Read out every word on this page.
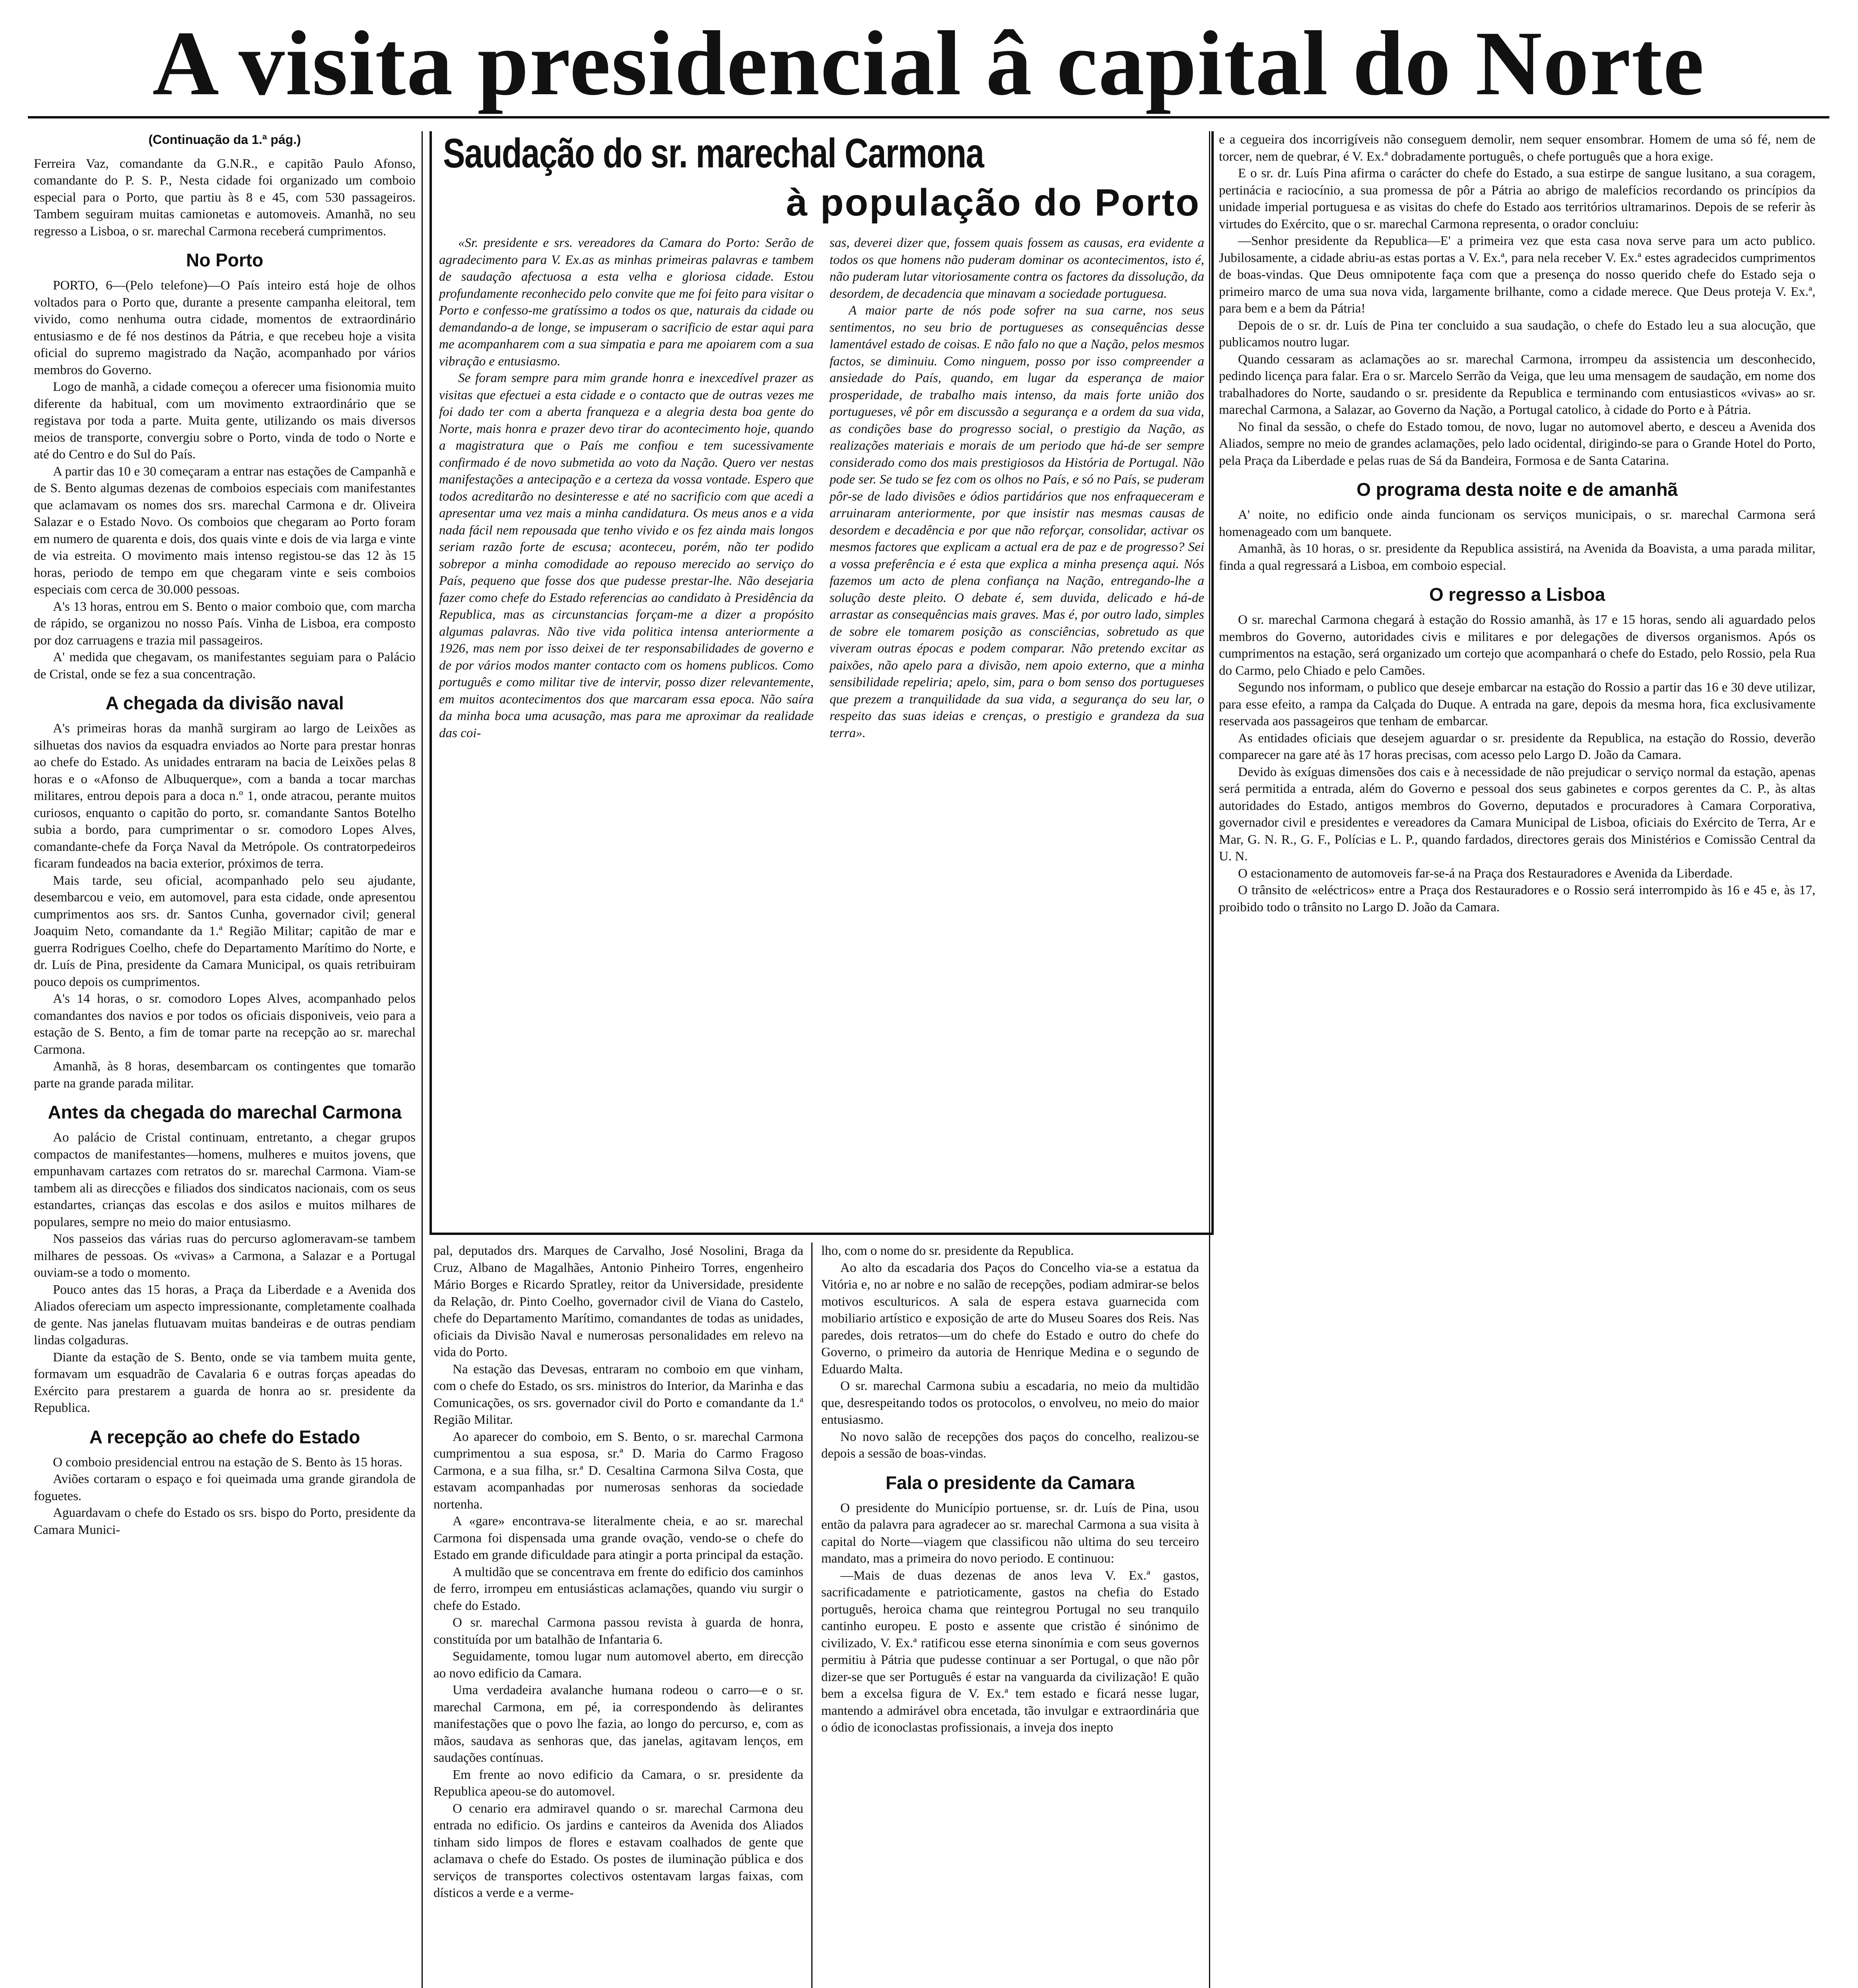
A visita presidencial â capital do Norte
(Continuação da 1.ª pág.)

Ferreira Vaz, comandante da G.N.R., e capitão Paulo Afonso, comandante do P. S. P., Nesta cidade foi organizado um comboio especial para o Porto, que partiu às 8 e 45, com 530 passageiros. Tambem seguiram muitas camionetas e automoveis. Amanhã, no seu regresso a Lisboa, o sr. marechal Carmona receberá cumprimentos.

No Porto

PORTO, 6—(Pelo telefone)—O País inteiro está hoje de olhos voltados para o Porto que, durante a presente campanha eleitoral, tem vivido, como nenhuma outra cidade, momentos de extraordinário entusiasmo e de fé nos destinos da Pátria, e que recebeu hoje a visita oficial do supremo magistrado da Nação, acompanhado por vários membros do Governo.

Logo de manhã, a cidade começou a oferecer uma fisionomia muito diferente da habitual, com um movimento extraordinário que se registava por toda a parte. Muita gente, utilizando os mais diversos meios de transporte, convergiu sobre o Porto, vinda de todo o Norte e até do Centro e do Sul do País.

A partir das 10 e 30 começaram a entrar nas estações de Campanhã e de S. Bento algumas dezenas de comboios especiais com manifestantes que aclamavam os nomes dos srs. marechal Carmona e dr. Oliveira Salazar e o Estado Novo. Os comboios que chegaram ao Porto foram em numero de quarenta e dois, dos quais vinte e dois de via larga e vinte de via estreita. O movimento mais intenso registou-se das 12 às 15 horas, periodo de tempo em que chegaram vinte e seis comboios especiais com cerca de 30.000 pessoas.

A's 13 horas, entrou em S. Bento o maior comboio que, com marcha de rápido, se organizou no nosso País. Vinha de Lisboa, era composto por doz carruagens e trazia mil passageiros.

A' medida que chegavam, os manifestantes seguiam para o Palácio de Cristal, onde se fez a sua concentração.

A chegada da divisão naval

A's primeiras horas da manhã surgiram ao largo de Leixões as silhuetas dos navios da esquadra enviados ao Norte para prestar honras ao chefe do Estado. As unidades entraram na bacia de Leixões pelas 8 horas e o «Afonso de Albuquerque», com a banda a tocar marchas militares, entrou depois para a doca n.º 1, onde atracou, perante muitos curiosos, enquanto o capitão do porto, sr. comandante Santos Botelho subia a bordo, para cumprimentar o sr. comodoro Lopes Alves, comandante-chefe da Força Naval da Metrópole. Os contratorpedeiros ficaram fundeados na bacia exterior, próximos de terra.

Mais tarde, seu oficial, acompanhado pelo seu ajudante, desembarcou e veio, em automovel, para esta cidade, onde apresentou cumprimentos aos srs. dr. Santos Cunha, governador civil; general Joaquim Neto, comandante da 1.ª Região Militar; capitão de mar e guerra Rodrigues Coelho, chefe do Departamento Marítimo do Norte, e dr. Luís de Pina, presidente da Camara Municipal, os quais retribuiram pouco depois os cumprimentos.

A's 14 horas, o sr. comodoro Lopes Alves, acompanhado pelos comandantes dos navios e por todos os oficiais disponiveis, veio para a estação de S. Bento, a fim de tomar parte na recepção ao sr. marechal Carmona.

Amanhã, às 8 horas, desembarcam os contingentes que tomarão parte na grande parada militar.

Antes da chegada do marechal Carmona

Ao palácio de Cristal continuam, entretanto, a chegar grupos compactos de manifestantes—homens, mulheres e muitos jovens, que empunhavam cartazes com retratos do sr. marechal Carmona. Viam-se tambem ali as direcções e filiados dos sindicatos nacionais, com os seus estandartes, crianças das escolas e dos asilos e muitos milhares de populares, sempre no meio do maior entusiasmo.

Nos passeios das várias ruas do percurso aglomeravam-se tambem milhares de pessoas. Os «vivas» a Carmona, a Salazar e a Portugal ouviam-se a todo o momento.

Pouco antes das 15 horas, a Praça da Liberdade e a Avenida dos Aliados ofereciam um aspecto impressionante, completamente coalhada de gente. Nas janelas flutuavam muitas bandeiras e de outras pendiam lindas colgaduras.

Diante da estação de S. Bento, onde se via tambem muita gente, formavam um esquadrão de Cavalaria 6 e outras forças apeadas do Exército para prestarem a guarda de honra ao sr. presidente da Republica.

A recepção ao chefe do Estado

O comboio presidencial entrou na estação de S. Bento às 15 horas.

Aviões cortaram o espaço e foi queimada uma grande girandola de foguetes.

Aguardavam o chefe do Estado os srs. bispo do Porto, presidente da Camara Munici-

Saudação do sr. marechal Carmona
à população do Porto

«Sr. presidente e srs. vereadores da Camara do Porto: Serão de agradecimento para V. Ex.as as minhas primeiras palavras e tambem de saudação afectuosa a esta velha e gloriosa cidade. Estou profundamente reconhecido pelo convite que me foi feito para visitar o Porto e confesso-me gratíssimo a todos os que, naturais da cidade ou demandando-a de longe, se impuseram o sacrificio de estar aqui para me acompanharem com a sua simpatia e para me apoiarem com a sua vibração e entusiasmo.

Se foram sempre para mim grande honra e inexcedível prazer as visitas que efectuei a esta cidade e o contacto que de outras vezes me foi dado ter com a aberta franqueza e a alegria desta boa gente do Norte, mais honra e prazer devo tirar do acontecimento hoje, quando a magistratura que o País me confiou e tem sucessivamente confirmado é de novo submetida ao voto da Nação. Quero ver nestas manifestações a antecipação e a certeza da vossa vontade. Espero que todos acreditarão no desinteresse e até no sacrificio com que acedi a apresentar uma vez mais a minha candidatura. Os meus anos e a vida nada fácil nem repousada que tenho vivido e os fez ainda mais longos seriam razão forte de escusa; aconteceu, porém, não ter podido sobrepor a minha comodidade ao repouso merecido ao serviço do País, pequeno que fosse dos que pudesse prestar-lhe. Não desejaria fazer como chefe do Estado referencias ao candidato à Presidência da Republica, mas as circunstancias forçam-me a dizer a propósito algumas palavras. Não tive vida politica intensa anteriormente a 1926, mas nem por isso deixei de ter responsabilidades de governo e de por vários modos manter contacto com os homens publicos. Como português e como militar tive de intervir, posso dizer relevantemente, em muitos acontecimentos dos que marcaram essa epoca. Não saíra da minha boca uma acusação, mas para me aproximar da realidade das coi-

sas, deverei dizer que, fossem quais fossem as causas, era evidente a todos os que homens não puderam dominar os acontecimentos, isto é, não puderam lutar vitoriosamente contra os factores da dissolução, da desordem, de decadencia que minavam a sociedade portuguesa.

A maior parte de nós pode sofrer na sua carne, nos seus sentimentos, no seu brio de portugueses as consequências desse lamentável estado de coisas. E não falo no que a Nação, pelos mesmos factos, se diminuiu. Como ninguem, posso por isso compreender a ansiedade do País, quando, em lugar da esperança de maior prosperidade, de trabalho mais intenso, da mais forte união dos portugueses, vê pôr em discussão a segurança e a ordem da sua vida, as condições base do progresso social, o prestigio da Nação, as realizações materiais e morais de um periodo que há-de ser sempre considerado como dos mais prestigiosos da História de Portugal. Não pode ser. Se tudo se fez com os olhos no País, e só no País, se puderam pôr-se de lado divisões e ódios partidários que nos enfraqueceram e arruinaram anteriormente, por que insistir nas mesmas causas de desordem e decadência e por que não reforçar, consolidar, activar os mesmos factores que explicam a actual era de paz e de progresso? Sei a vossa preferência e é esta que explica a minha presença aqui. Nós fazemos um acto de plena confiança na Nação, entregando-lhe a solução deste pleito. O debate é, sem duvida, delicado e há-de arrastar as consequências mais graves. Mas é, por outro lado, simples de sobre ele tomarem posição as consciências, sobretudo as que viveram outras épocas e podem comparar. Não pretendo excitar as paixões, não apelo para a divisão, nem apoio externo, que a minha sensibilidade repeliria; apelo, sim, para o bom senso dos portugueses que prezem a tranquilidade da sua vida, a segurança do seu lar, o respeito das suas ideias e crenças, o prestigio e grandeza da sua terra».

pal, deputados drs. Marques de Carvalho, José Nosolini, Braga da Cruz, Albano de Magalhães, Antonio Pinheiro Torres, engenheiro Mário Borges e Ricardo Spratley, reitor da Universidade, presidente da Relação, dr. Pinto Coelho, governador civil de Viana do Castelo, chefe do Departamento Marítimo, comandantes de todas as unidades, oficiais da Divisão Naval e numerosas personalidades em relevo na vida do Porto.

Na estação das Devesas, entraram no comboio em que vinham, com o chefe do Estado, os srs. ministros do Interior, da Marinha e das Comunicações, os srs. governador civil do Porto e comandante da 1.ª Região Militar.

Ao aparecer do comboio, em S. Bento, o sr. marechal Carmona cumprimentou a sua esposa, sr.ª D. Maria do Carmo Fragoso Carmona, e a sua filha, sr.ª D. Cesaltina Carmona Silva Costa, que estavam acompanhadas por numerosas senhoras da sociedade nortenha.

A «gare» encontrava-se literalmente cheia, e ao sr. marechal Carmona foi dispensada uma grande ovação, vendo-se o chefe do Estado em grande dificuldade para atingir a porta principal da estação.

A multidão que se concentrava em frente do edificio dos caminhos de ferro, irrompeu em entusiásticas aclamações, quando viu surgir o chefe do Estado.

O sr. marechal Carmona passou revista à guarda de honra, constituída por um batalhão de Infantaria 6.

Seguidamente, tomou lugar num automovel aberto, em direcção ao novo edificio da Camara.

Uma verdadeira avalanche humana rodeou o carro—e o sr. marechal Carmona, em pé, ia correspondendo às delirantes manifestações que o povo lhe fazia, ao longo do percurso, e, com as mãos, saudava as senhoras que, das janelas, agitavam lenços, em saudações contínuas.

Em frente ao novo edificio da Camara, o sr. presidente da Republica apeou-se do automovel.

O cenario era admiravel quando o sr. marechal Carmona deu entrada no edificio. Os jardins e canteiros da Avenida dos Aliados tinham sido limpos de flores e estavam coalhados de gente que aclamava o chefe do Estado. Os postes de iluminação pública e dos serviços de transportes colectivos ostentavam largas faixas, com dísticos a verde e a verme-

lho, com o nome do sr. presidente da Republica.

Ao alto da escadaria dos Paços do Concelho via-se a estatua da Vitória e, no ar nobre e no salão de recepções, podiam admirar-se belos motivos esculturicos. A sala de espera estava guarnecida com mobiliario artístico e exposição de arte do Museu Soares dos Reis. Nas paredes, dois retratos—um do chefe do Estado e outro do chefe do Governo, o primeiro da autoria de Henrique Medina e o segundo de Eduardo Malta.

O sr. marechal Carmona subiu a escadaria, no meio da multidão que, desrespeitando todos os protocolos, o envolveu, no meio do maior entusiasmo.

No novo salão de recepções dos paços do concelho, realizou-se depois a sessão de boas-vindas.

Fala o presidente da Camara

O presidente do Município portuense, sr. dr. Luís de Pina, usou então da palavra para agradecer ao sr. marechal Carmona a sua visita à capital do Norte—viagem que classificou não ultima do seu terceiro mandato, mas a primeira do novo periodo. E continuou:

—Mais de duas dezenas de anos leva V. Ex.ª gastos, sacrificadamente e patrioticamente, gastos na chefia do Estado português, heroica chama que reintegrou Portugal no seu tranquilo cantinho europeu. E posto e assente que cristão é sinónimo de civilizado, V. Ex.ª ratificou esse eterna sinonímia e com seus governos permitiu à Pátria que pudesse continuar a ser Portugal, o que não pôr dizer-se que ser Português é estar na vanguarda da civilização! E quão bem a excelsa figura de V. Ex.ª tem estado e ficará nesse lugar, mantendo a admirável obra encetada, tão invulgar e extraordinária que o ódio de iconoclastas profissionais, a inveja dos inepto

e a cegueira dos incorrigíveis não conseguem demolir, nem sequer ensombrar. Homem de uma só fé, nem de torcer, nem de quebrar, é V. Ex.ª dobradamente português, o chefe português que a hora exige.

E o sr. dr. Luís Pina afirma o carácter do chefe do Estado, a sua estirpe de sangue lusitano, a sua coragem, pertinácia e raciocínio, a sua promessa de pôr a Pátria ao abrigo de malefícios recordando os princípios da unidade imperial portuguesa e as visitas do chefe do Estado aos territórios ultramarinos. Depois de se referir às virtudes do Exército, que o sr. marechal Carmona representa, o orador concluiu:

—Senhor presidente da Republica—E' a primeira vez que esta casa nova serve para um acto publico. Jubilosamente, a cidade abriu-as estas portas a V. Ex.ª, para nela receber V. Ex.ª estes agradecidos cumprimentos de boas-vindas. Que Deus omnipotente faça com que a presença do nosso querido chefe do Estado seja o primeiro marco de uma sua nova vida, largamente brilhante, como a cidade merece. Que Deus proteja V. Ex.ª, para bem e a bem da Pátria!

Depois de o sr. dr. Luís de Pina ter concluido a sua saudação, o chefe do Estado leu a sua alocução, que publicamos noutro lugar.

Quando cessaram as aclamações ao sr. marechal Carmona, irrompeu da assistencia um desconhecido, pedindo licença para falar. Era o sr. Marcelo Serrão da Veiga, que leu uma mensagem de saudação, em nome dos trabalhadores do Norte, saudando o sr. presidente da Republica e terminando com entusiasticos «vivas» ao sr. marechal Carmona, a Salazar, ao Governo da Nação, a Portugal catolico, à cidade do Porto e à Pátria.

No final da sessão, o chefe do Estado tomou, de novo, lugar no automovel aberto, e desceu a Avenida dos Aliados, sempre no meio de grandes aclamações, pelo lado ocidental, dirigindo-se para o Grande Hotel do Porto, pela Praça da Liberdade e pelas ruas de Sá da Bandeira, Formosa e de Santa Catarina.

O programa desta noite e de amanhã

A' noite, no edificio onde ainda funcionam os serviços municipais, o sr. marechal Carmona será homenageado com um banquete.

Amanhã, às 10 horas, o sr. presidente da Republica assistirá, na Avenida da Boavista, a uma parada militar, finda a qual regressará a Lisboa, em comboio especial.

O regresso a Lisboa

O sr. marechal Carmona chegará à estação do Rossio amanhã, às 17 e 15 horas, sendo ali aguardado pelos membros do Governo, autoridades civis e militares e por delegações de diversos organismos. Após os cumprimentos na estação, será organizado um cortejo que acompanhará o chefe do Estado, pelo Rossio, pela Rua do Carmo, pelo Chiado e pelo Camões.

Segundo nos informam, o publico que deseje embarcar na estação do Rossio a partir das 16 e 30 deve utilizar, para esse efeito, a rampa da Calçada do Duque. A entrada na gare, depois da mesma hora, fica exclusivamente reservada aos passageiros que tenham de embarcar.

As entidades oficiais que desejem aguardar o sr. presidente da Republica, na estação do Rossio, deverão comparecer na gare até às 17 horas precisas, com acesso pelo Largo D. João da Camara.

Devido às exíguas dimensões dos cais e à necessidade de não prejudicar o serviço normal da estação, apenas será permitida a entrada, além do Governo e pessoal dos seus gabinetes e corpos gerentes da C. P., às altas autoridades do Estado, antigos membros do Governo, deputados e procuradores à Camara Corporativa, governador civil e presidentes e vereadores da Camara Municipal de Lisboa, oficiais do Exército de Terra, Ar e Mar, G. N. R., G. F., Polícias e L. P., quando fardados, directores gerais dos Ministérios e Comissão Central da U. N.

O estacionamento de automoveis far-se-á na Praça dos Restauradores e Avenida da Liberdade.

O trânsito de «eléctricos» entre a Praça dos Restauradores e o Rossio será interrompido às 16 e 45 e, às 17, proibido todo o trânsito no Largo D. João da Camara.
